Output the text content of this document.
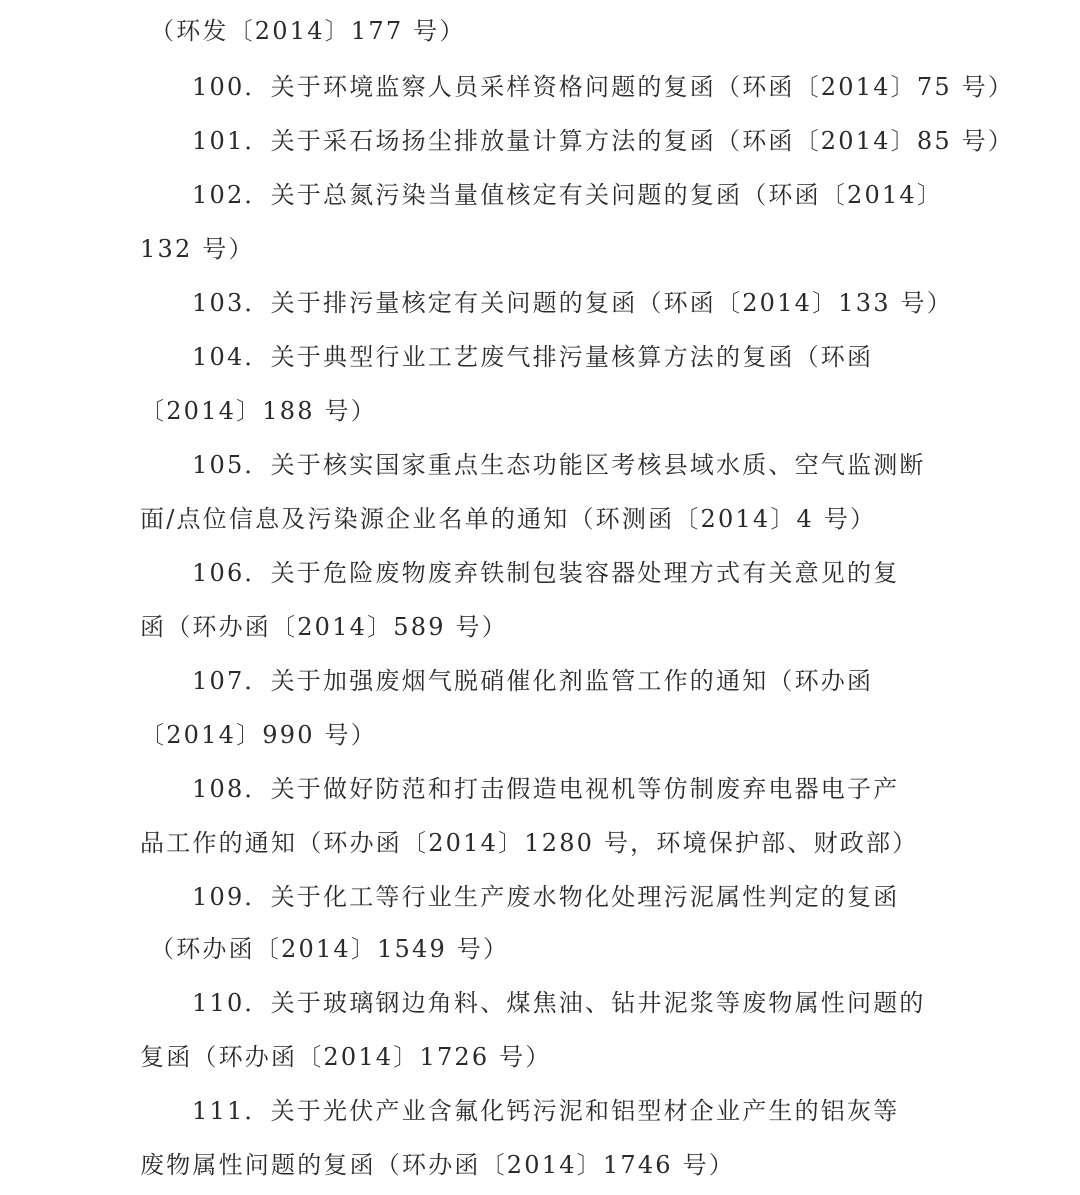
（环发〔2014〕177 号）
100．关于环境监察人员采样资格问题的复函（环函〔2014〕75 号）
101．关于采石场扬尘排放量计算方法的复函（环函〔2014〕85 号）
102．关于总氮污染当量值核定有关问题的复函（环函〔2014〕
132 号）
103．关于排污量核定有关问题的复函（环函〔2014〕133 号）
104．关于典型行业工艺废气排污量核算方法的复函（环函
〔2014〕188 号）
105．关于核实国家重点生态功能区考核县域水质、空气监测断
面/点位信息及污染源企业名单的通知（环测函〔2014〕4 号）
106．关于危险废物废弃铁制包装容器处理方式有关意见的复
函（环办函〔2014〕589 号）
107．关于加强废烟气脱硝催化剂监管工作的通知（环办函
〔2014〕990 号）
108．关于做好防范和打击假造电视机等仿制废弃电器电子产
品工作的通知（环办函〔2014〕1280 号，环境保护部、财政部）
109．关于化工等行业生产废水物化处理污泥属性判定的复函
（环办函〔2014〕1549 号）
110．关于玻璃钢边角料、煤焦油、钻井泥浆等废物属性问题的
复函（环办函〔2014〕1726 号）
111．关于光伏产业含氟化钙污泥和铝型材企业产生的铝灰等
废物属性问题的复函（环办函〔2014〕1746 号）
